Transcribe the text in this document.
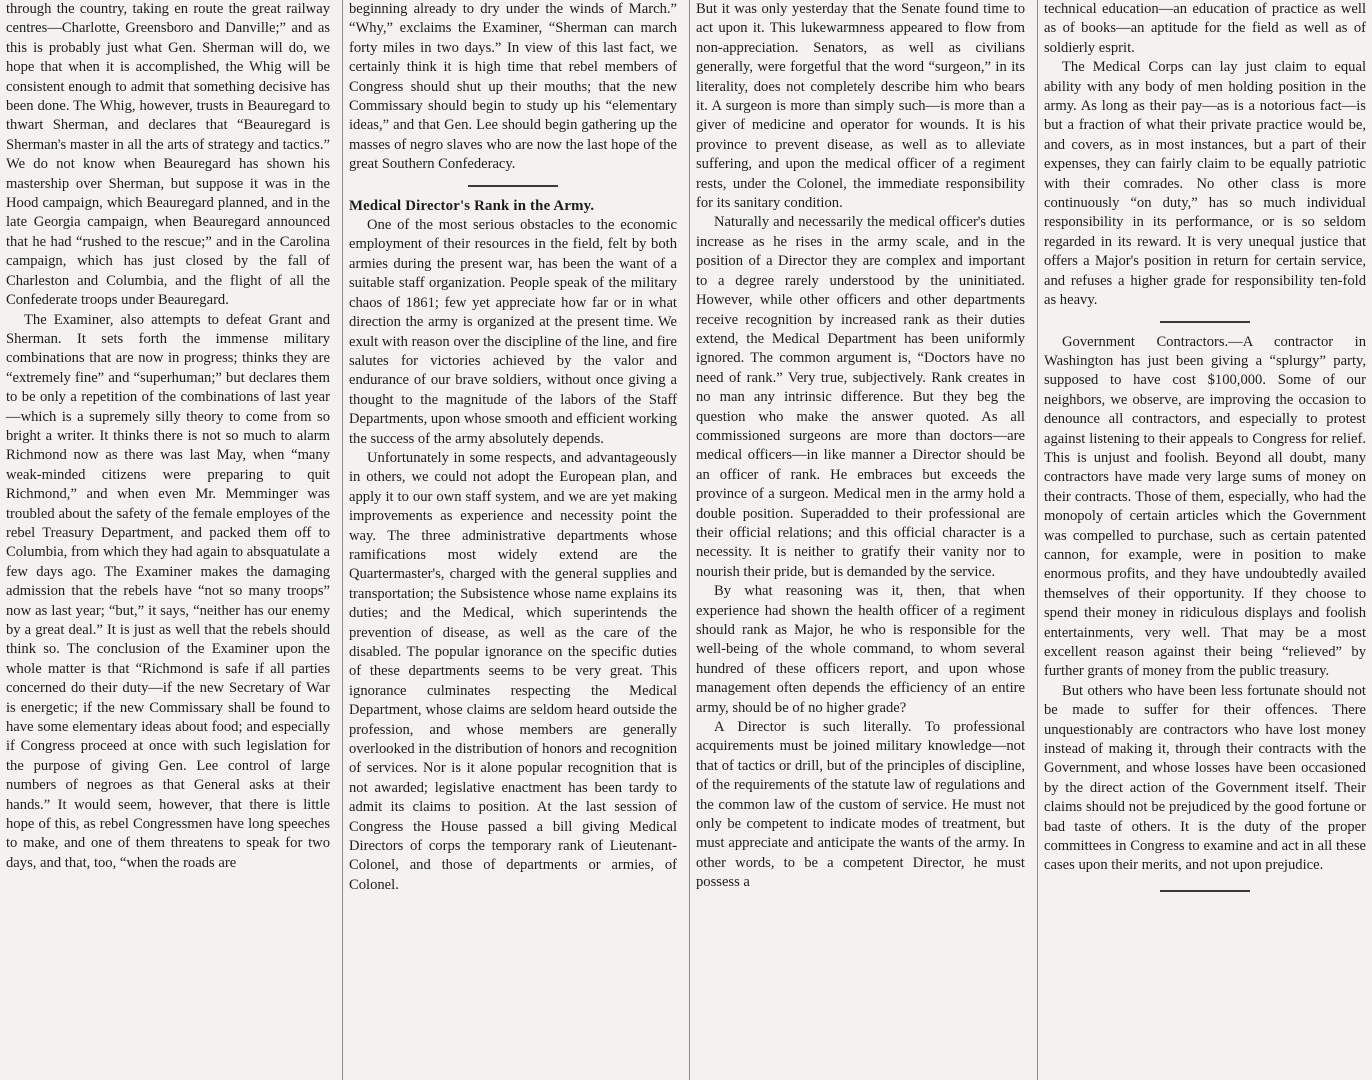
through the country, taking en route the great railway centres—Charlotte, Greensboro and Danville;” and as this is probably just what Gen. Sherman will do, we hope that when it is accomplished, the Whig will be consistent enough to admit that something decisive has been done. The Whig, however, trusts in Beauregard to thwart Sherman, and declares that “Beauregard is Sherman's master in all the arts of strategy and tactics.” We do not know when Beauregard has shown his mastership over Sherman, but suppose it was in the Hood campaign, which Beauregard planned, and in the late Georgia campaign, when Beauregard announced that he had “rushed to the rescue;” and in the Carolina campaign, which has just closed by the fall of Charleston and Columbia, and the flight of all the Confederate troops under Beauregard.

The Examiner, also attempts to defeat Grant and Sherman. It sets forth the immense military combinations that are now in progress; thinks they are “extremely fine” and “superhuman;” but declares them to be only a repetition of the combinations of last year—which is a supremely silly theory to come from so bright a writer. It thinks there is not so much to alarm Richmond now as there was last May, when “many weak-minded citizens were preparing to quit Richmond,” and when even Mr. Memminger was troubled about the safety of the female employes of the rebel Treasury Department, and packed them off to Columbia, from which they had again to absquatulate a few days ago. The Examiner makes the damaging admission that the rebels have “not so many troops” now as last year; “but,” it says, “neither has our enemy by a great deal.” It is just as well that the rebels should think so. The conclusion of the Examiner upon the whole matter is that “Richmond is safe if all parties concerned do their duty—if the new Secretary of War is energetic; if the new Commissary shall be found to have some elementary ideas about food; and especially if Congress proceed at once with such legislation for the purpose of giving Gen. Lee control of large numbers of negroes as that General asks at their hands.” It would seem, however, that there is little hope of this, as rebel Congressmen have long speeches to make, and one of them threatens to speak for two days, and that, too, “when the roads are

beginning already to dry under the winds of March.” “Why,” exclaims the Examiner, “Sherman can march forty miles in two days.” In view of this last fact, we certainly think it is high time that rebel members of Congress should shut up their mouths; that the new Commissary should begin to study up his “elementary ideas,” and that Gen. Lee should begin gathering up the masses of negro slaves who are now the last hope of the great Southern Confederacy.

Medical Director's Rank in the Army.

One of the most serious obstacles to the economic employment of their resources in the field, felt by both armies during the present war, has been the want of a suitable staff organization. People speak of the military chaos of 1861; few yet appreciate how far or in what direction the army is organized at the present time. We exult with reason over the discipline of the line, and fire salutes for victories achieved by the valor and endurance of our brave soldiers, without once giving a thought to the magnitude of the labors of the Staff Departments, upon whose smooth and efficient working the success of the army absolutely depends.

Unfortunately in some respects, and advantageously in others, we could not adopt the European plan, and apply it to our own staff system, and we are yet making improvements as experience and necessity point the way. The three administrative departments whose ramifications most widely extend are the Quartermaster's, charged with the general supplies and transportation; the Subsistence whose name explains its duties; and the Medical, which superintends the prevention of disease, as well as the care of the disabled. The popular ignorance on the specific duties of these departments seems to be very great. This ignorance culminates respecting the Medical Department, whose claims are seldom heard outside the profession, and whose members are generally overlooked in the distribution of honors and recognition of services. Nor is it alone popular recognition that is not awarded; legislative enactment has been tardy to admit its claims to position. At the last session of Congress the House passed a bill giving Medical Directors of corps the temporary rank of Lieutenant-Colonel, and those of departments or armies, of Colonel.

But it was only yesterday that the Senate found time to act upon it. This lukewarmness appeared to flow from non-appreciation. Senators, as well as civilians generally, were forgetful that the word “surgeon,” in its literality, does not completely describe him who bears it. A surgeon is more than simply such—is more than a giver of medicine and operator for wounds. It is his province to prevent disease, as well as to alleviate suffering, and upon the medical officer of a regiment rests, under the Colonel, the immediate responsibility for its sanitary condition.

Naturally and necessarily the medical officer's duties increase as he rises in the army scale, and in the position of a Director they are complex and important to a degree rarely understood by the uninitiated. However, while other officers and other departments receive recognition by increased rank as their duties extend, the Medical Department has been uniformly ignored. The common argument is, “Doctors have no need of rank.” Very true, subjectively. Rank creates in no man any intrinsic difference. But they beg the question who make the answer quoted. As all commissioned surgeons are more than doctors—are medical officers—in like manner a Director should be an officer of rank. He embraces but exceeds the province of a surgeon. Medical men in the army hold a double position. Superadded to their professional are their official relations; and this official character is a necessity. It is neither to gratify their vanity nor to nourish their pride, but is demanded by the service.

By what reasoning was it, then, that when experience had shown the health officer of a regiment should rank as Major, he who is responsible for the well-being of the whole command, to whom several hundred of these officers report, and upon whose management often depends the efficiency of an entire army, should be of no higher grade?

A Director is such literally. To professional acquirements must be joined military knowledge—not that of tactics or drill, but of the principles of discipline, of the requirements of the statute law of regulations and the common law of the custom of service. He must not only be competent to indicate modes of treatment, but must appreciate and anticipate the wants of the army. In other words, to be a competent Director, he must possess a

technical education—an education of practice as well as of books—an aptitude for the field as well as of soldierly esprit.

The Medical Corps can lay just claim to equal ability with any body of men holding position in the army. As long as their pay—as is a notorious fact—is but a fraction of what their private practice would be, and covers, as in most instances, but a part of their expenses, they can fairly claim to be equally patriotic with their comrades. No other class is more continuously “on duty,” has so much individual responsibility in its performance, or is so seldom regarded in its reward. It is very unequal justice that offers a Major's position in return for certain service, and refuses a higher grade for responsibility ten-fold as heavy.

Government Contractors.—A contractor in Washington has just been giving a “splurgy” party, supposed to have cost $100,000. Some of our neighbors, we observe, are improving the occasion to denounce all contractors, and especially to protest against listening to their appeals to Congress for relief. This is unjust and foolish. Beyond all doubt, many contractors have made very large sums of money on their contracts. Those of them, especially, who had the monopoly of certain articles which the Government was compelled to purchase, such as certain patented cannon, for example, were in position to make enormous profits, and they have undoubtedly availed themselves of their opportunity. If they choose to spend their money in ridiculous displays and foolish entertainments, very well. That may be a most excellent reason against their being “relieved” by further grants of money from the public treasury.

But others who have been less fortunate should not be made to suffer for their offences. There unquestionably are contractors who have lost money instead of making it, through their contracts with the Government, and whose losses have been occasioned by the direct action of the Government itself. Their claims should not be prejudiced by the good fortune or bad taste of others. It is the duty of the proper committees in Congress to examine and act in all these cases upon their merits, and not upon prejudice.
